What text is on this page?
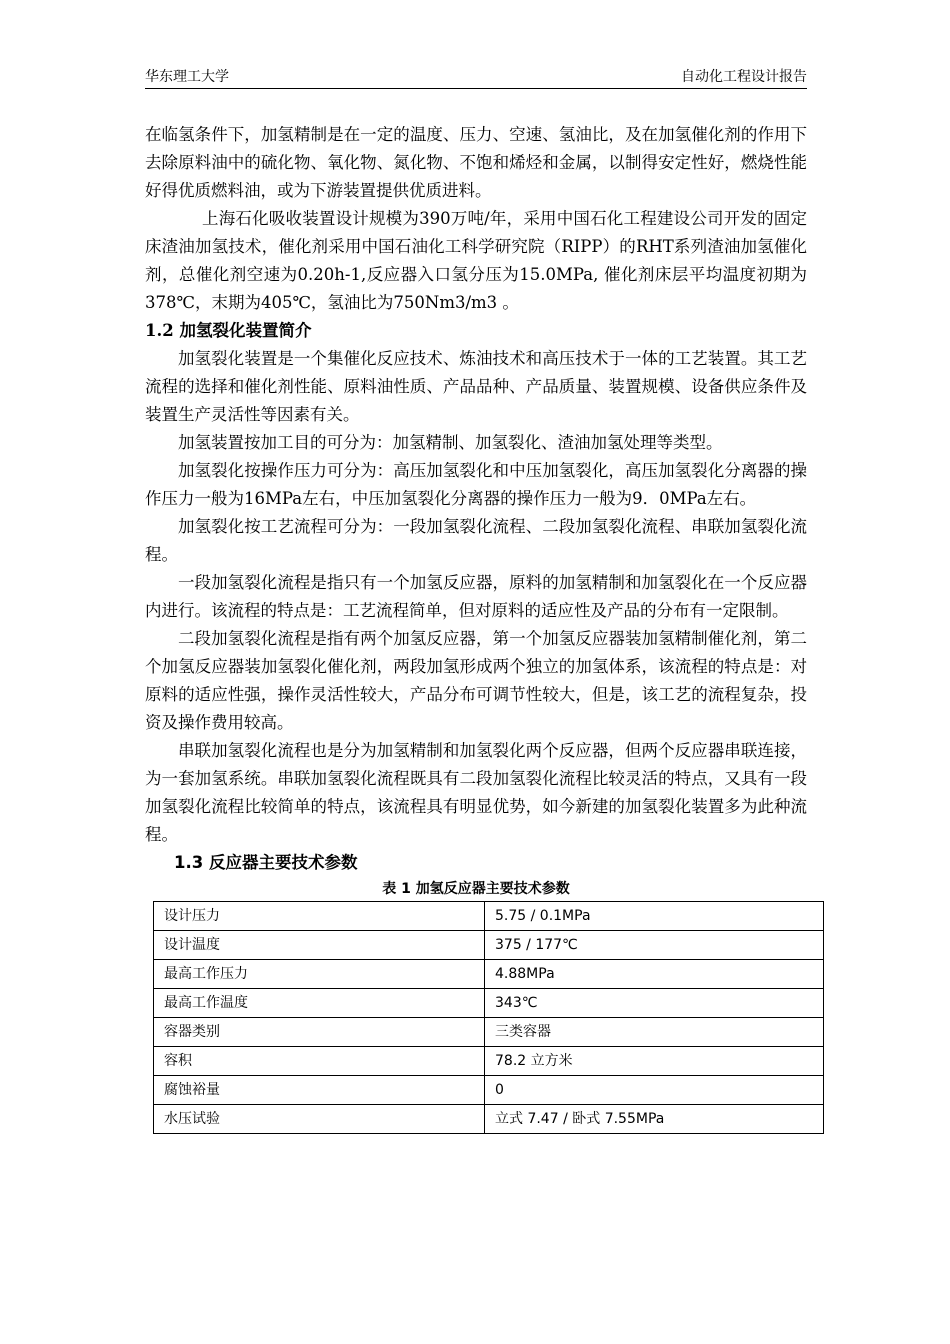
华东理工大学	自动化工程设计报告

在临氢条件下，加氢精制是在一定的温度、压力、空速、氢油比，及在加氢催化剂的作用下去除原料油中的硫化物、氧化物、氮化物、不饱和烯烃和金属，以制得安定性好，燃烧性能好得优质燃料油，或为下游装置提供优质进料。

上海石化吸收装置设计规模为390万吨/年，采用中国石化工程建设公司开发的固定床渣油加氢技术，催化剂采用中国石油化工科学研究院（RIPP）的RHT系列渣油加氢催化剂，总催化剂空速为0.20h-1,反应器入口氢分压为15.0MPa, 催化剂床层平均温度初期为378℃，末期为405℃，氢油比为750Nm3/m3 。

1.2 加氢裂化装置简介

加氢裂化装置是一个集催化反应技术、炼油技术和高压技术于一体的工艺装置。其工艺流程的选择和催化剂性能、原料油性质、产品品种、产品质量、装置规模、设备供应条件及装置生产灵活性等因素有关。

加氢装置按加工目的可分为：加氢精制、加氢裂化、渣油加氢处理等类型。

加氢裂化按操作压力可分为：高压加氢裂化和中压加氢裂化，高压加氢裂化分离器的操作压力一般为16MPa左右，中压加氢裂化分离器的操作压力一般为9．0MPa左右。

加氢裂化按工艺流程可分为：一段加氢裂化流程、二段加氢裂化流程、串联加氢裂化流程。

一段加氢裂化流程是指只有一个加氢反应器，原料的加氢精制和加氢裂化在一个反应器内进行。该流程的特点是：工艺流程简单，但对原料的适应性及产品的分布有一定限制。

二段加氢裂化流程是指有两个加氢反应器，第一个加氢反应器装加氢精制催化剂，第二个加氢反应器装加氢裂化催化剂，两段加氢形成两个独立的加氢体系，该流程的特点是：对原料的适应性强，操作灵活性较大，产品分布可调节性较大，但是，该工艺的流程复杂，投资及操作费用较高。

串联加氢裂化流程也是分为加氢精制和加氢裂化两个反应器，但两个反应器串联连接，为一套加氢系统。串联加氢裂化流程既具有二段加氢裂化流程比较灵活的特点，又具有一段加氢裂化流程比较简单的特点，该流程具有明显优势，如今新建的加氢裂化装置多为此种流程。

1.3 反应器主要技术参数

表 1 加氢反应器主要技术参数

设计压力	5.75 / 0.1MPa
设计温度	375 / 177℃
最高工作压力	4.88MPa
最高工作温度	343℃
容器类别	三类容器
容积	78.2 立方米
腐蚀裕量	0
水压试验	立式 7.47 / 卧式 7.55MPa
